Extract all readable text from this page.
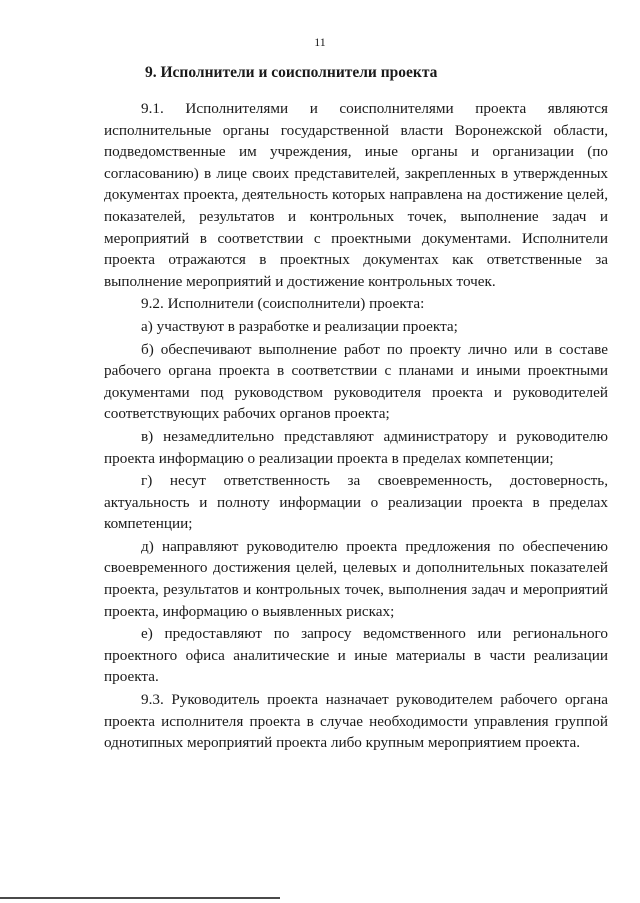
11
9. Исполнители и соисполнители проекта

9.1. Исполнителями и соисполнителями проекта являются исполнительные органы государственной власти Воронежской области, подведомственные им учреждения, иные органы и организации (по согласованию) в лице своих представителей, закрепленных в утвержденных документах проекта, деятельность которых направлена на достижение целей, показателей, результатов и контрольных точек, выполнение задач и мероприятий в соответствии с проектными документами. Исполнители проекта отражаются в проектных документах как ответственные за выполнение мероприятий и достижение контрольных точек.

9.2. Исполнители (соисполнители) проекта:

а) участвуют в разработке и реализации проекта;

б) обеспечивают выполнение работ по проекту лично или в составе рабочего органа проекта в соответствии с планами и иными проектными документами под руководством руководителя проекта и руководителей соответствующих рабочих органов проекта;

в) незамедлительно представляют администратору и руководителю проекта информацию о реализации проекта в пределах компетенции;

г) несут ответственность за своевременность, достоверность, актуальность и полноту информации о реализации проекта в пределах компетенции;

д) направляют руководителю проекта предложения по обеспечению своевременного достижения целей, целевых и дополнительных показателей проекта, результатов и контрольных точек, выполнения задач и мероприятий проекта, информацию о выявленных рисках;

е) предоставляют по запросу ведомственного или регионального проектного офиса аналитические и иные материалы в части реализации проекта.

9.3. Руководитель проекта назначает руководителем рабочего органа проекта исполнителя проекта в случае необходимости управления группой однотипных мероприятий проекта либо крупным мероприятием проекта.
